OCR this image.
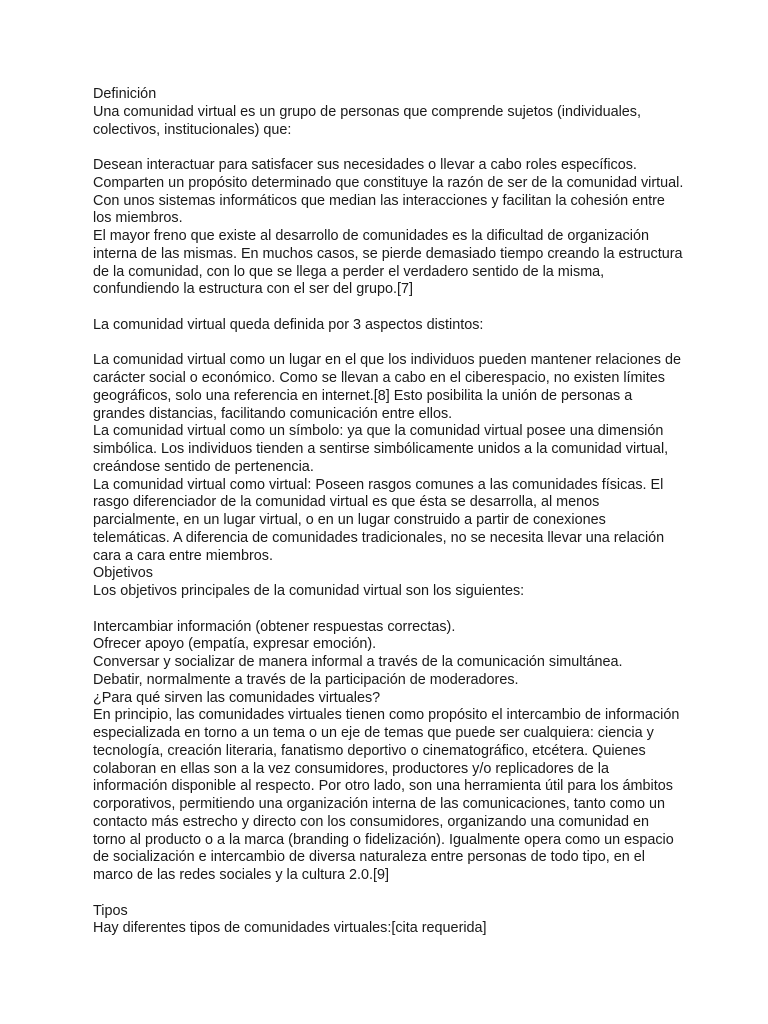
Definición
Una comunidad virtual es un grupo de personas que comprende sujetos (individuales,
colectivos, institucionales) que:
Desean interactuar para satisfacer sus necesidades o llevar a cabo roles específicos.
Comparten un propósito determinado que constituye la razón de ser de la comunidad virtual.
Con unos sistemas informáticos que median las interacciones y facilitan la cohesión entre
los miembros.
El mayor freno que existe al desarrollo de comunidades es la dificultad de organización
interna de las mismas. En muchos casos, se pierde demasiado tiempo creando la estructura
de la comunidad, con lo que se llega a perder el verdadero sentido de la misma,
confundiendo la estructura con el ser del grupo.[7]
La comunidad virtual queda definida por 3 aspectos distintos:
La comunidad virtual como un lugar en el que los individuos pueden mantener relaciones de
carácter social o económico. Como se llevan a cabo en el ciberespacio, no existen límites
geográficos, solo una referencia en internet.[8] Esto posibilita la unión de personas a
grandes distancias, facilitando comunicación entre ellos.
La comunidad virtual como un símbolo: ya que la comunidad virtual posee una dimensión
simbólica. Los individuos tienden a sentirse simbólicamente unidos a la comunidad virtual,
creándose sentido de pertenencia.
La comunidad virtual como virtual: Poseen rasgos comunes a las comunidades físicas. El
rasgo diferenciador de la comunidad virtual es que ésta se desarrolla, al menos
parcialmente, en un lugar virtual, o en un lugar construido a partir de conexiones
telemáticas. A diferencia de comunidades tradicionales, no se necesita llevar una relación
cara a cara entre miembros.
Objetivos
Los objetivos principales de la comunidad virtual son los siguientes:
Intercambiar información (obtener respuestas correctas).
Ofrecer apoyo (empatía, expresar emoción).
Conversar y socializar de manera informal a través de la comunicación simultánea.
Debatir, normalmente a través de la participación de moderadores.
¿Para qué sirven las comunidades virtuales?
En principio, las comunidades virtuales tienen como propósito el intercambio de información
especializada en torno a un tema o un eje de temas que puede ser cualquiera: ciencia y
tecnología, creación literaria, fanatismo deportivo o cinematográfico, etcétera. Quienes
colaboran en ellas son a la vez consumidores, productores y/o replicadores de la
información disponible al respecto. Por otro lado, son una herramienta útil para los ámbitos
corporativos, permitiendo una organización interna de las comunicaciones, tanto como un
contacto más estrecho y directo con los consumidores, organizando una comunidad en
torno al producto o a la marca (branding o fidelización). Igualmente opera como un espacio
de socialización e intercambio de diversa naturaleza entre personas de todo tipo, en el
marco de las redes sociales y la cultura 2.0.[9]
Tipos
Hay diferentes tipos de comunidades virtuales:[cita requerida]
